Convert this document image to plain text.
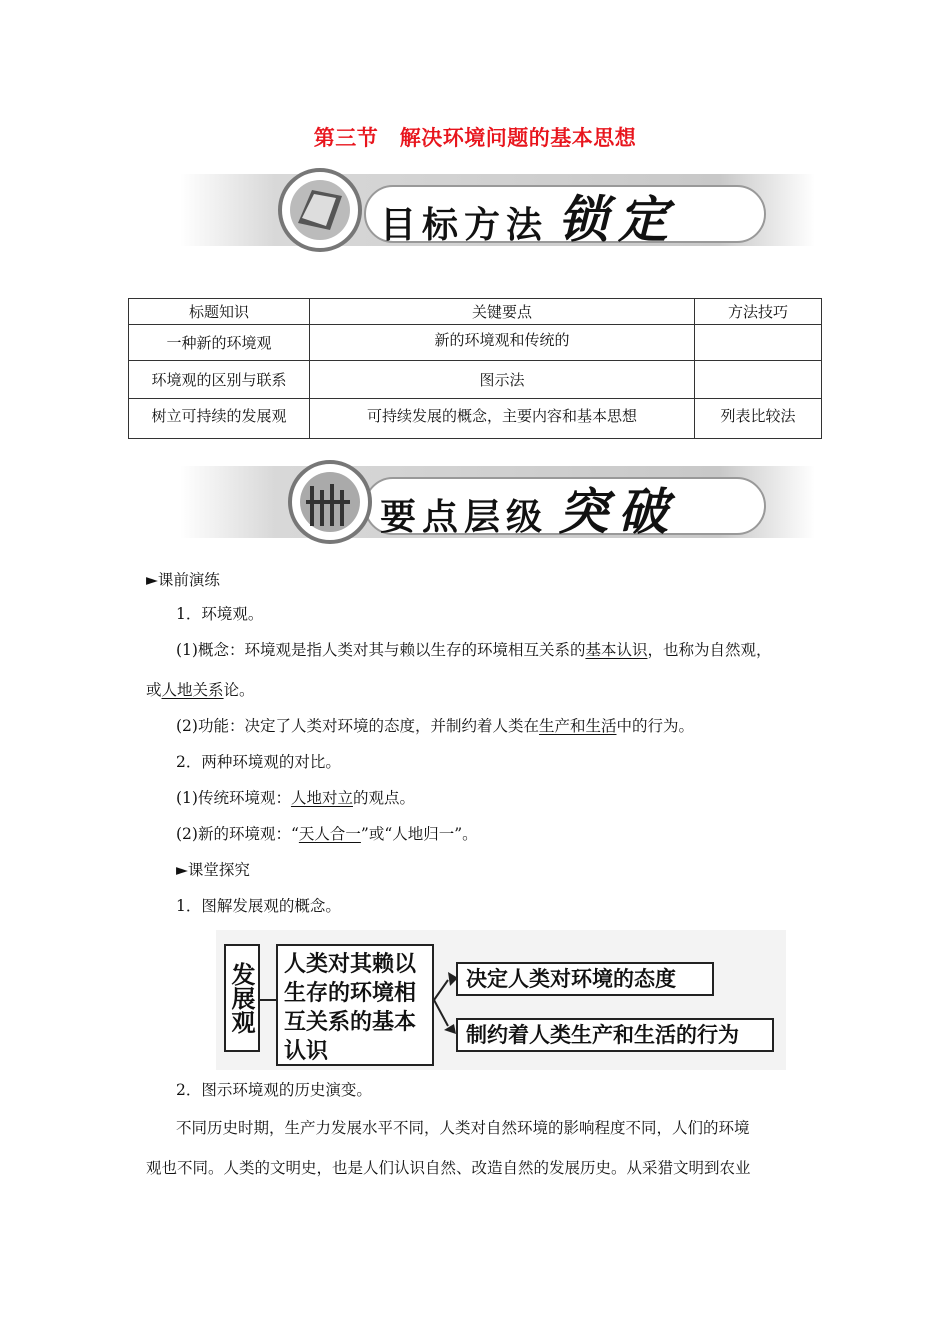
第三节　解决环境问题的基本思想
目标方法 锁定
标题知识	关键要点	方法技巧
一种新的环境观	新的环境观和传统的	
环境观的区别与联系	图示法	
树立可持续的发展观	可持续发展的概念，主要内容和基本思想	列表比较法
要点层级 突破
►课前演练
1．环境观。
(1)概念：环境观是指人类对其与赖以生存的环境相互关系的基本认识，也称为自然观，
或人地关系论。
(2)功能：决定了人类对环境的态度，并制约着人类在生产和生活中的行为。
2．两种环境观的对比。
(1)传统环境观：人地对立的观点。
(2)新的环境观：“天人合一”或“人地归一”。
►课堂探究
1．图解发展观的概念。
发展观	人类对其赖以生存的环境相互关系的基本认识
决定人类对环境的态度
制约着人类生产和生活的行为
2．图示环境观的历史演变。
不同历史时期，生产力发展水平不同，人类对自然环境的影响程度不同，人们的环境
观也不同。人类的文明史，也是人们认识自然、改造自然的发展历史。从采猎文明到农业
